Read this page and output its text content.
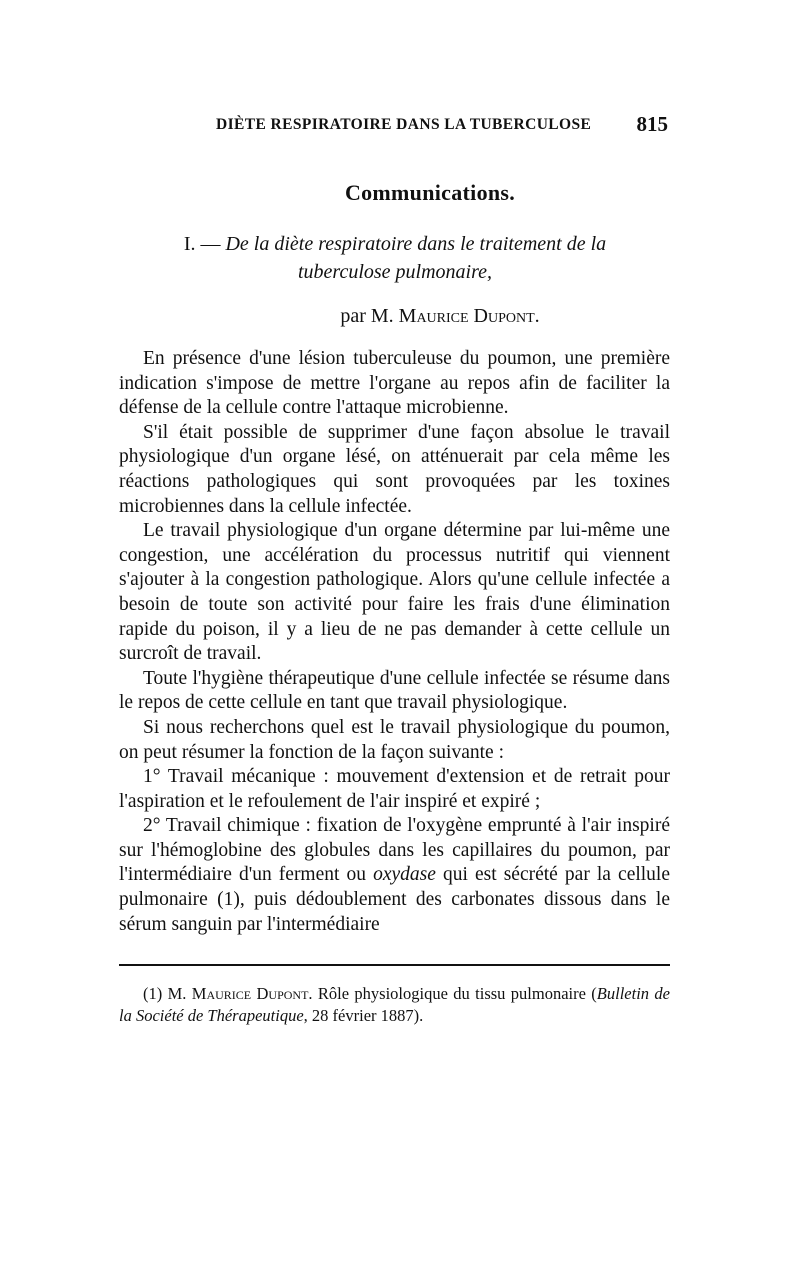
DIÈTE RESPIRATOIRE DANS LA TUBERCULOSE 815
Communications.
I. — De la diète respiratoire dans le traitement de la tuberculose pulmonaire,
par M. Maurice Dupont.

En présence d'une lésion tuberculeuse du poumon, une première indication s'impose de mettre l'organe au repos afin de faciliter la défense de la cellule contre l'attaque microbienne.

S'il était possible de supprimer d'une façon absolue le travail physiologique d'un organe lésé, on atténuerait par cela même les réactions pathologiques qui sont provoquées par les toxines microbiennes dans la cellule infectée.

Le travail physiologique d'un organe détermine par lui-même une congestion, une accélération du processus nutritif qui viennent s'ajouter à la congestion pathologique. Alors qu'une cellule infectée a besoin de toute son activité pour faire les frais d'une élimination rapide du poison, il y a lieu de ne pas demander à cette cellule un surcroît de travail.

Toute l'hygiène thérapeutique d'une cellule infectée se résume dans le repos de cette cellule en tant que travail physiologique.

Si nous recherchons quel est le travail physiologique du poumon, on peut résumer la fonction de la façon suivante :

1° Travail mécanique : mouvement d'extension et de retrait pour l'aspiration et le refoulement de l'air inspiré et expiré ;

2° Travail chimique : fixation de l'oxygène emprunté à l'air inspiré sur l'hémoglobine des globules dans les capillaires du poumon, par l'intermédiaire d'un ferment ou oxydase qui est sécrété par la cellule pulmonaire (1), puis dédoublement des carbonates dissous dans le sérum sanguin par l'intermédiaire

(1) M. Maurice Dupont. Rôle physiologique du tissu pulmonaire (Bulletin de la Société de Thérapeutique, 28 février 1887).
